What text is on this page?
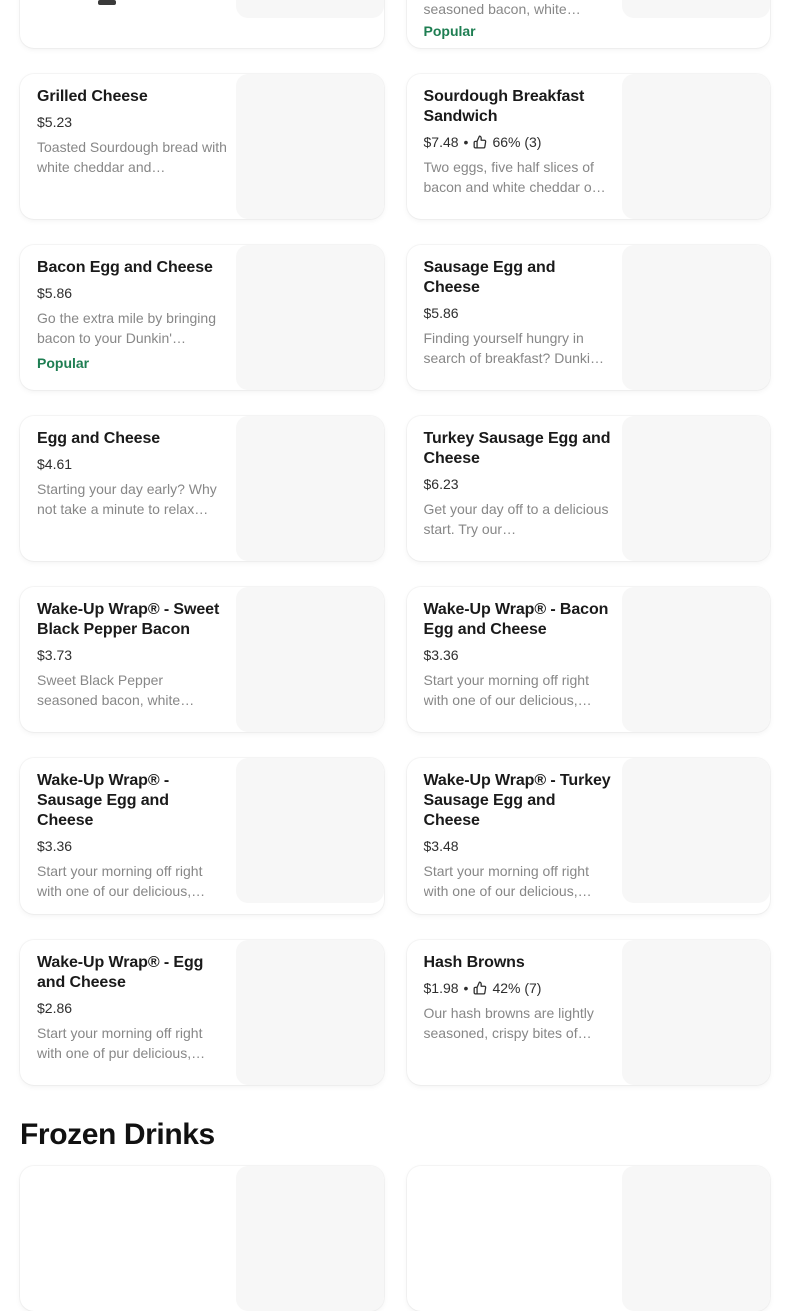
seasoned bacon, white…

Popular
Grilled Cheese
$5.23

Toasted Sourdough bread with white cheddar and…

Sourdough Breakfast Sandwich
$7.48 • 66% (3)

Two eggs, five half slices of bacon and white cheddar o…

Bacon Egg and Cheese
$5.86

Go the extra mile by bringing bacon to your Dunkin'…

Popular
Sausage Egg and Cheese
$5.86

Finding yourself hungry in search of breakfast? Dunki…

Egg and Cheese
$4.61

Starting your day early? Why not take a minute to relax…

Turkey Sausage Egg and Cheese
$6.23

Get your day off to a delicious start. Try our…

Wake-Up Wrap® - Sweet Black Pepper Bacon
$3.73

Sweet Black Pepper seasoned bacon, white…

Wake-Up Wrap® - Bacon Egg and Cheese
$3.36

Start your morning off right with one of our delicious,…

Wake-Up Wrap® - Sausage Egg and Cheese
$3.36

Start your morning off right with one of our delicious,…

Wake-Up Wrap® - Turkey Sausage Egg and Cheese
$3.48

Start your morning off right with one of our delicious,…

Wake-Up Wrap® - Egg and Cheese
$2.86

Start your morning off right with one of pur delicious,…

Hash Browns
$1.98 • 42% (7)

Our hash browns are lightly seasoned, crispy bites of…

Frozen Drinks
